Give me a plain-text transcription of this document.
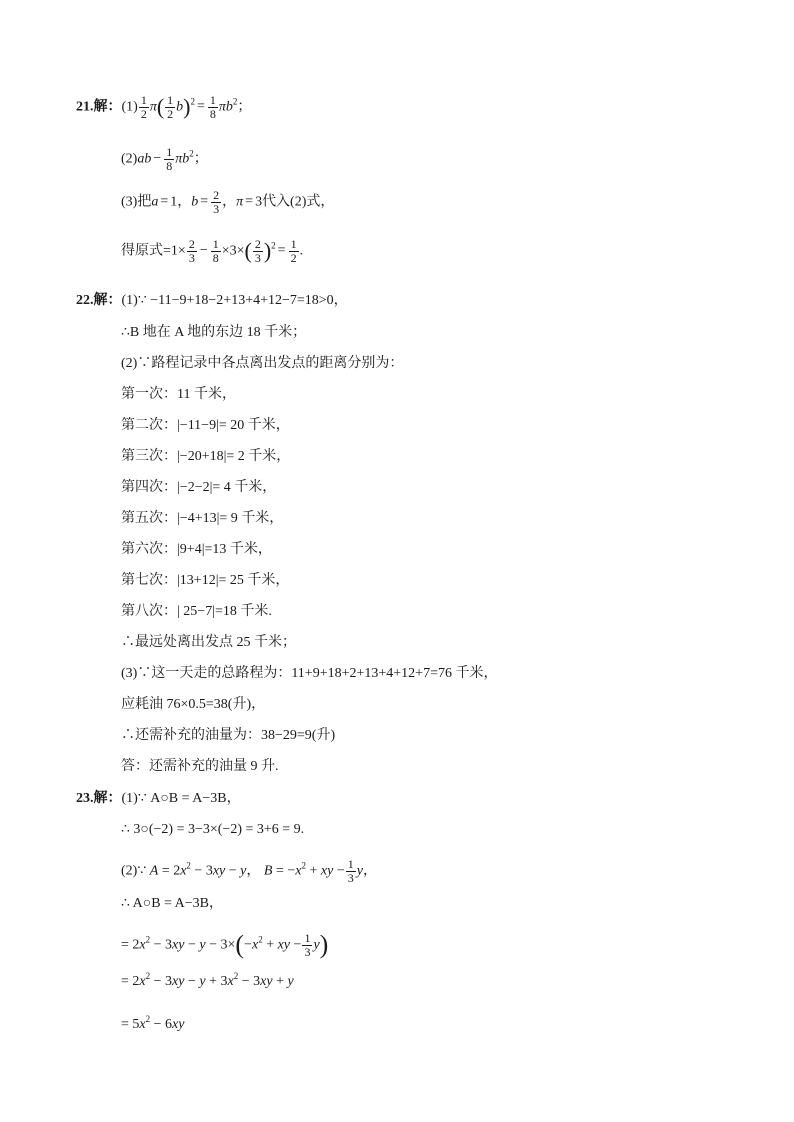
21.解：$(1) \frac{1}{2} \pi( \frac{1}{2} b)^2 = \frac{1}{8} \pi b^2$；
$(2)ab - \frac{1}{8} \pi b^2$；
(3)把a = 1，$b = \frac{2}{3}$ ，π = 3代入(2)式，
得原式$=1\times \frac{2}{3} - \frac{1}{8} \times 3\times( \frac{2}{3} )^2 = \frac{1}{2}$ .
22.解：(1)∵ −11−9+18−2+13+4+12−7=18>0，
∴B 地在 A 地的东边 18 千米；
(2)∵路程记录中各点离出发点的距离分别为：
第一次：11 千米，
第二次：|−11−9|= 20 千米，
第三次：|−20+18|= 2 千米，
第四次：|−2−2|= 4 千米，
第五次：|−4+13|= 9 千米，
第六次：|9+4|=13 千米，
第七次：|13+12|= 25 千米，
第八次：| 25−7|=18 千米.
∴最远处离出发点 25 千米；
(3)∵这一天走的总路程为：11+9+18+2+13+4+12+7=76 千米，
应耗油 76×0.5=38(升)，
∴还需补充的油量为：38−29=9(升)
答：还需补充的油量 9 升.
23.解：(1)∵ A○B = A−3B，
∴ 3○(−2) = 3−3×(−2) = 3+6 = 9.
(2)∵ $A = 2x^2 - 3xy - y$， $B = -x^2$ + xy − $\frac{1}{3}$ y，
∴ A○B = A−3B，
= $2x^2 - 3xy - y - 3\times(-x^2$ + xy − $\frac{1}{3} y$)
= $2x^2 - 3xy - y + 3x^2 - 3xy + y$
= $5x^2 - 6xy$
